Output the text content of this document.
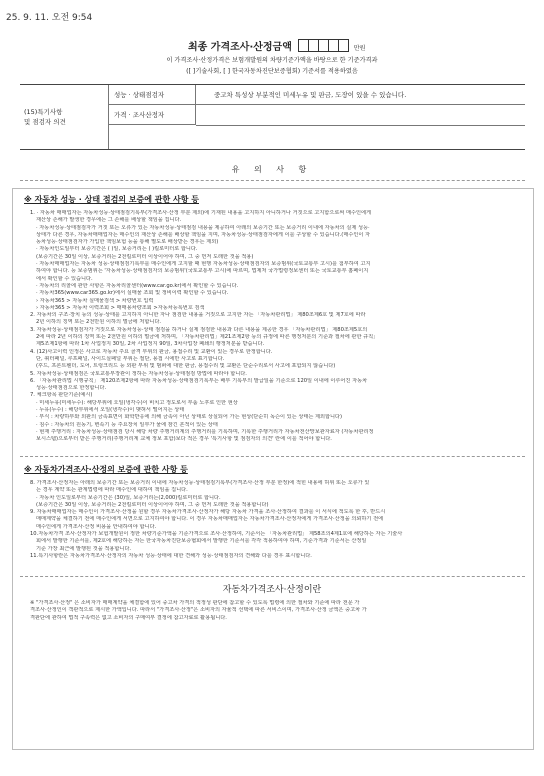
25. 9. 11. 오전 9:54
최종 가격조사·산정금액	만원
이 가격조사·산정가격은 보험개발원의 차량기준가액을 바탕으로 한 기준가격과
([ ]기술사회, [ ] 한국자동차진단보증협회) 기준서를 적용하였음
(15)특기사항
및 점검자 의견
성능 · 상태점검자
가격 · 조사산정자
중고차 특성상 부분적인 미세누유 및 판금, 도장이 있을 수 있습니다.
유 의 사 항
※ 자동차 성능 · 상태 점검의 보증에 관한 사항 등

1. · 자동차 매매업자는 자동차성능·상태점검기록부(가격조사·산정 부분 제외)에 기재된 내용을 고지하지 아니하거나 거짓으로 고지함으로써 매수인에게

재산상 손해가 발생한 경우에는 그 손해를 배상할 책임을 집니다.

· 자동차성능·상태점검자가 거짓 또는 오류가 있는 자동차성능·상태점검 내용을 제공하여 아래의 보증기간 또는 보증거리 이내에 자동차의 실제 성능·

상태가 다른 경우, 자동차매매업자는 매수인의 재산상 손해를 배상할 책임을 지며, 자동차성능·상태점검자에게 이를 구상할 수 있습니다.(매수인이 자

동차성능·상태점검자가 가입한 책임보험 등을 통해 별도로 배상받는 경우는 제외)

· 자동차인도일부터 보증기간은 ( )일, 보증거리는 ( )킬로미터로 합니다.

(보증기간은 30일 이상, 보증거리는 2천킬로미터 이상이어야 하며, 그 중 먼저 도래한 것을 적용)

· 자동차매매업자는 자동차 성능·상태점검기록부를 매수인에게 고지할 때 현행 자동차성능·상태점검자의 보증범위(국토교통부 고시)를 첨부하여 고지

하여야 합니다. 등 보증범위는 '자동차성능·상태점검자의 보증범위'(국토교통부 고시)에 따르며, 법제처 국가법령정보센터 또는 국토교통부 홈페이지

에서 확인할 수 있습니다.

· 자동차의 리콜에 관한 사항은 자동차리콜센터(www.car.go.kr)에서 확인할 수 있습니다.

· 자동차365(www.car365.go.kr)에서 실매물 조회 및 정비이력 확인할 수 있습니다.

› 자동차365 > 자동차 실매물검색 > 차량번호 입력

› 자동차365 > 자동차 이력조회 > 매매용차량조회 >자동차등록번호 검색

2. 자동차의 구조·장치 등의 성능·상태를 고지하지 아니한 자나 점검한 내용을 거짓으로 고지한 자는 「자동차관리법」 제80조제6호 및 제7호에 따라

2년 이하의 징역 또는 2천만원 이하의 벌금에 처합니다.

3. 자동차성능·상태점검자가 거짓으로 자동차성능·상태 점검을 하거나 실제 점검한 내용과 다른 내용을 제공한 경우 「자동차관리법」 제80조제5호의

2에 따라 2년 이하의 징역 또는 2천만원 이하의 벌금에 처하며, 「자동차관리법」제21조제2항 등의 규정에 따른 행정처분의 기준과 절차에 관한 규칙」

제5조제1항에 따라 1차 사업정지 30일, 2차 사업정지 90일, 3차사업장 폐쇄의 행정처분을 받습니다.

4. (12)사고이력 인정은 사고로 자동차 주요 골격 부위의 판금, 용접수리 및 교환이 있는 경우로 한정합니다.

단, 쿼터패널, 루프패널, 사이드실패널 부위는 절단, 용접 시에만 사고로 표기합니다.

(후드, 프론트휀더, 도어, 트렁크리드 등 외판 부위 및 범퍼에 대한 판금, 용접수리 및 교환은 단순수리로서 사고에 포함되지 않습니다)

5. 자동차성능·상태점검은 국토교통부장관이 정하는 자동차성능·상태점검 방법에 따라야 합니다.

6. 「자동차관리법 시행규칙」 제120조제2항에 따라 자동차성능·상태점검기록부는 배부 기록부의 발급일을 기준으로 120일 이내에 이루어진 자동차

성능·상태점검으로 한정합니다.

7. 체크항목 판단기준(예시)

· 미세누유(미세누수): 해당부위에 오일(냉각수)이 비치고 정도로서 부품 노후로 인한 현상

· 누유(누수) : 해당부위에서 오일(냉각수)이 맺혀서 떨어지는 상태

· 부식 : 차량하부와 외판의 금속표면이 화학반응에 의해 금속이 아닌 상태로 상실되어 가는 현상(단순히 녹슨이 있는 상태는 제외합니다)

· 침수 : 자동차의 원동기, 변속기 등 주요장치 일부가 물에 잠긴 흔적이 있는 상태

· 현재 주행거리 : 자동차성능·상태점검 당시 해당 차량 주행거리계의 주행거리를 기록하며, 기록한 주행거리가 자동차전산망보관자료자 (자동차관리정

보시스템)으로부터 받은 주행거리(주행거리계 교체 정보 포함)보다 적은 경우 '특기사항 및 점검자의 의견' 란에 이를 적어야 합니다.

※ 자동차가격조사·산정의 보증에 관한 사항 등

8. 가격조사·산정자는 아래의 보증기간 또는 보증거리 이내에 자동차성능·상태점검기록부(가격조사·산정 부분 한정)에 적힌 내용에 허위 또는 오류가 있

는 경우 계약 또는 관계법령에 따라 매수인에 대하여 책임을 집니다.

· 자동차 인도일로부터 보증기간은 (30)일, 보증거리는(2,000)킬로미터로 합니다.

(보증기간은 30일 이상, 보증거리는 2천킬로미터 이상이어야 하며, 그 중 먼저 도래한 것을 적용합니다)

9. 자동차매매업자는 매수인이 가격조사·산정을 원할 경우 자동차가격조사·산정자가 해당 자동차 가격을 조사·산정하여 결과를 이 서식에 적도록 한 후, 반드시

매매계약을 체결하기 전에 매수인에게 서면으로 고지하여야 합니다. 이 경우 자동차매매업자는 자동차가격조사·산정자에게 가격조사·산정을 의뢰하기 전에

매수인에게 가격조사·산정 비용을 안내하여야 합니다.

10.자동차가격 조사·산정자가 보험개발원이 정한 차량기준가액을 기준가격으로 조사·산정하여, 기준서는 「자동차관리법」 제58조의4제1호에 해당하는 자는 기술사

회에서 발행한 기준서를, 제2호에 해당하는 자는 한국자동차진단보증협회에서 발행한 기준서를 각각 적용하여야 하며, 기준가격과 기준서는 산정일

기준 가장 최근에 발행된 것을 적용합니다.

11.특기사항란은 자동차가격조사·산정자의 자동차 성능·상태에 대한 견해가 성능·상태점검자의 견해와 다를 경우 표시합니다.

자동차가격조사·산정이란

※ "가격조사·산정" 은 소비자가 매매계약을 체결함에 있어 중고차 가격의 적정성 판단에 참고할 수 있도록 법령에 의한 절차와 기준에 따라 전문 가

격조사·산정인이 객관적으로 제시한 가액입니다. 따라서 "가격조사·산정"은 소비자의 자율적 선택에 따른 서비스이며, 가격조사·산정 금액은 중고차 가

격판단에 관하여 법적 구속력은 없고 소비자의 구매여부 결정에 참고자료로 활용됩니다.
